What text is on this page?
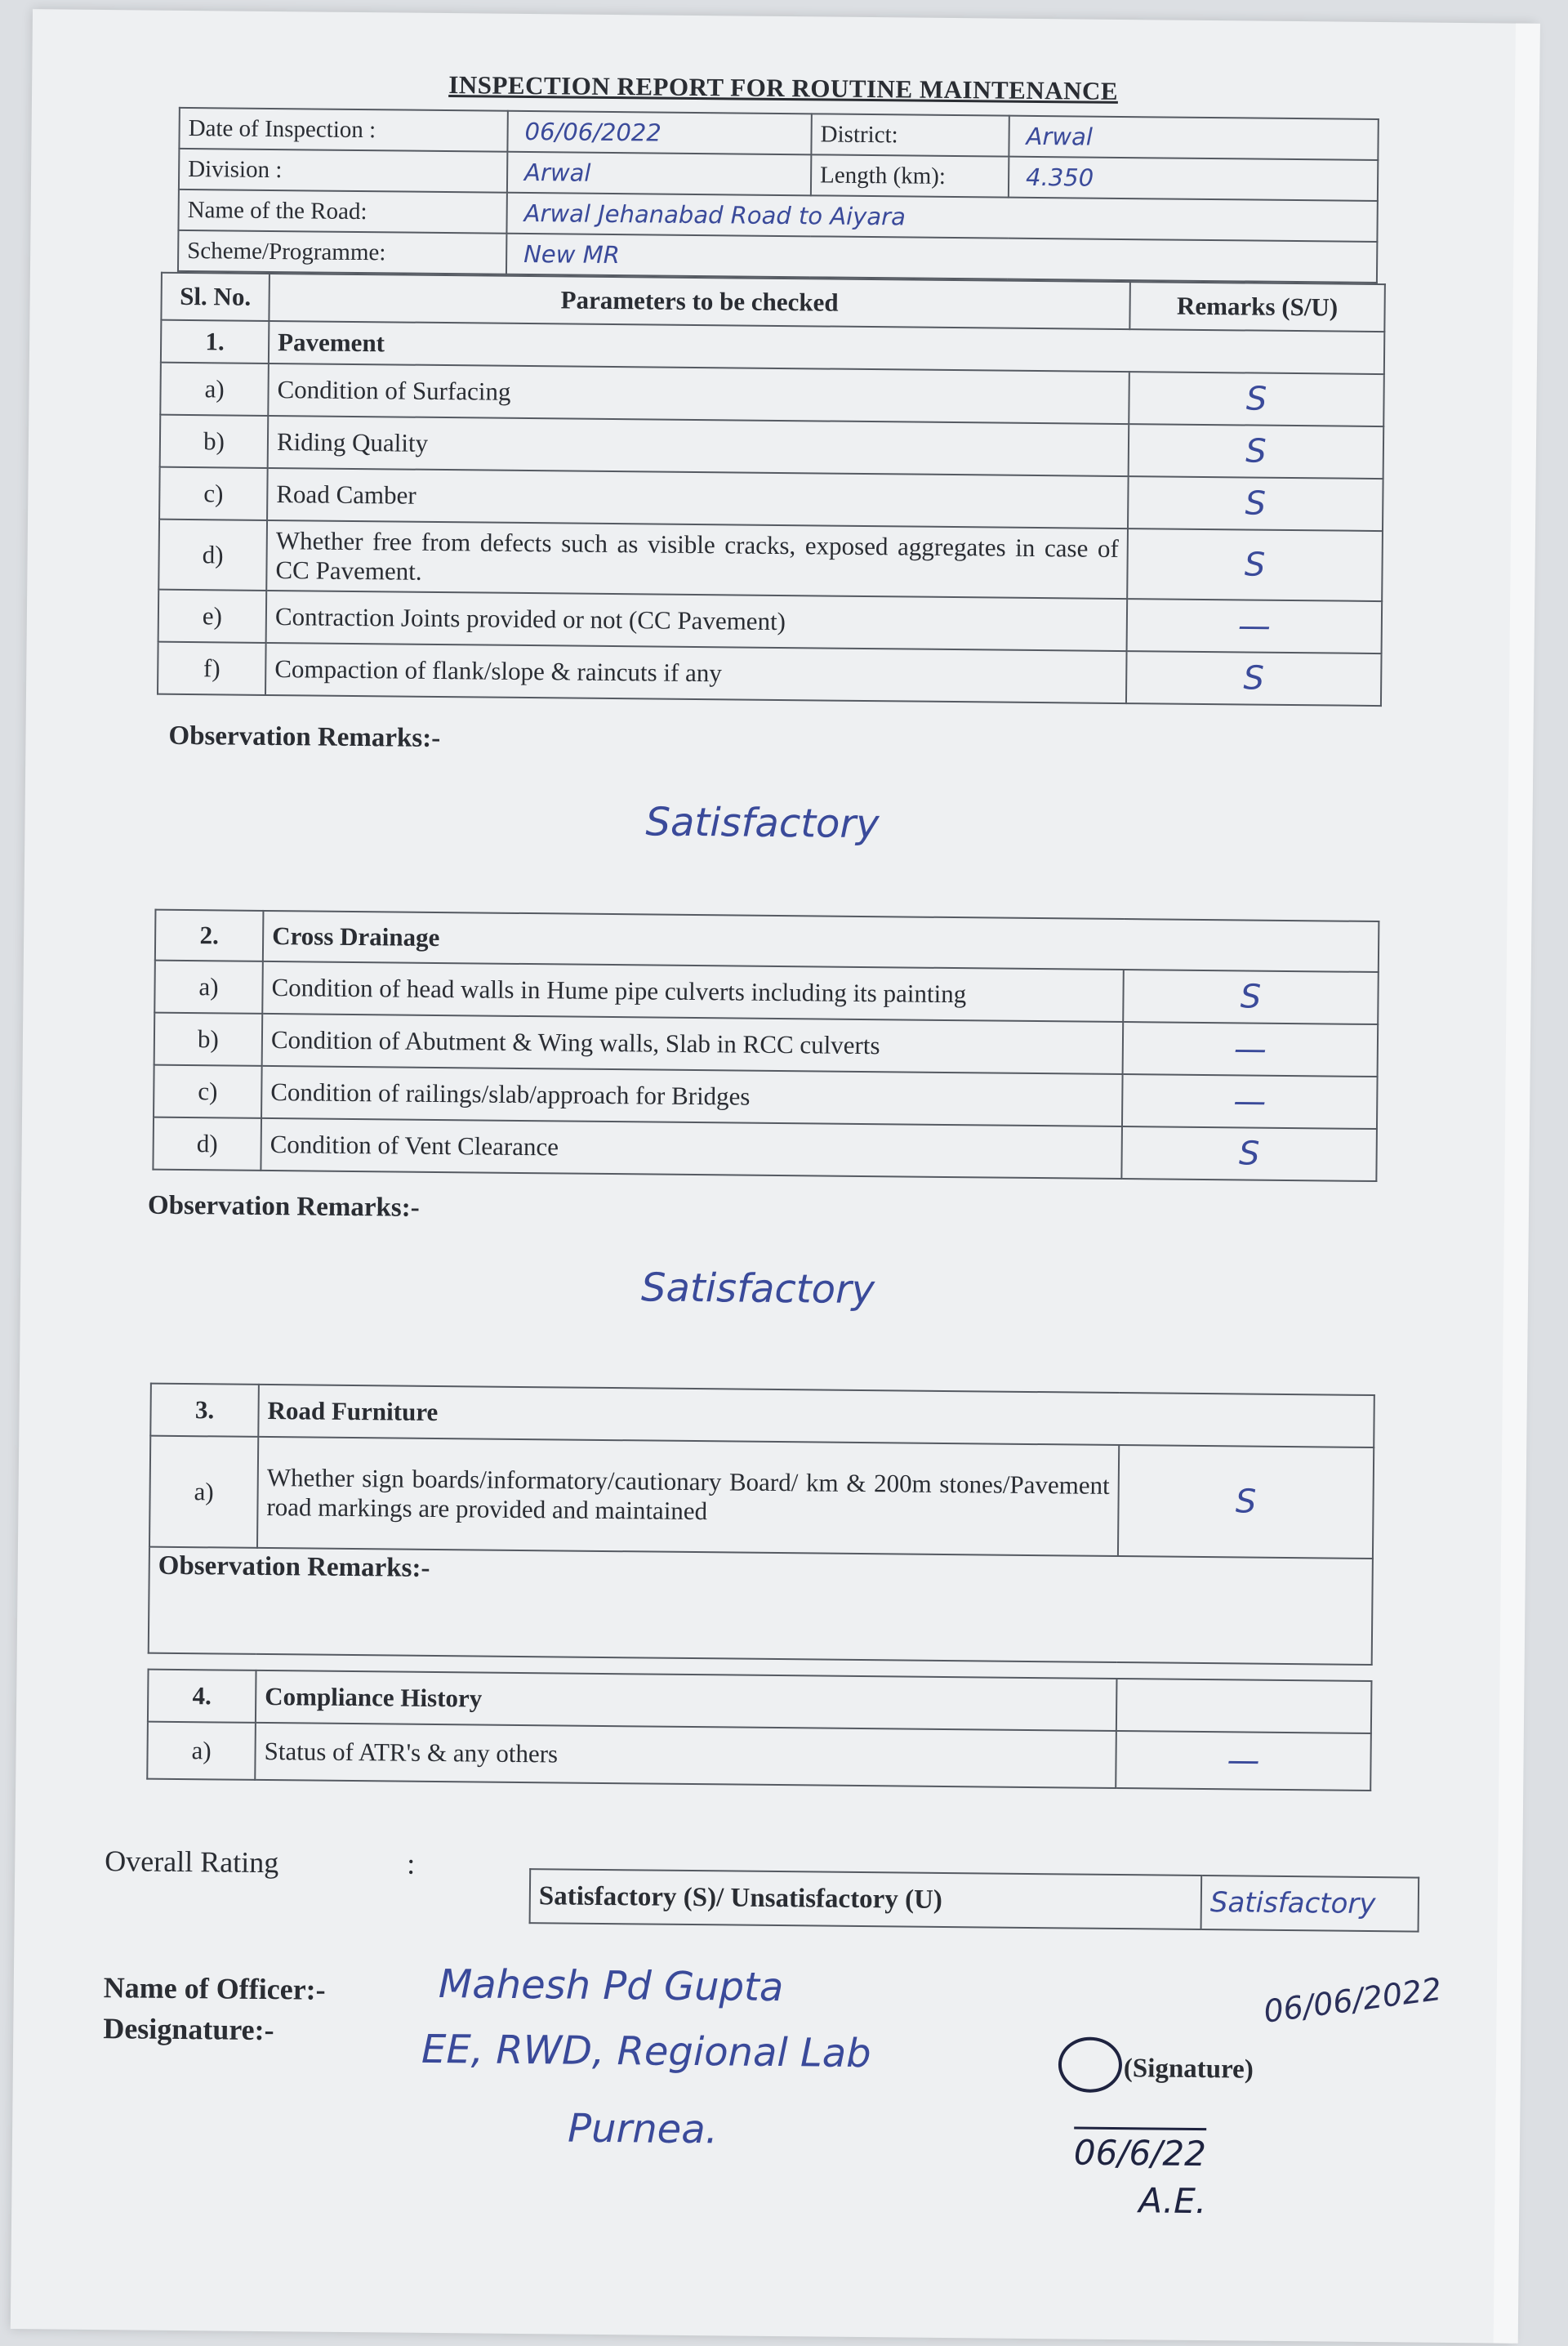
INSPECTION REPORT FOR ROUTINE MAINTENANCE
Date of Inspection :	06/06/2022	District:	Arwal
Division :	Arwal	Length (km):	4.350
Name of the Road:	Arwal Jehanabad Road to Aiyara		
Scheme/Programme:	New MR		
Sl. No.	Parameters to be checked	Remarks (S/U)
1.	Pavement	
a)	Condition of Surfacing	S
b)	Riding Quality	S
c)	Road Camber	S
d)	Whether free from defects such as visible cracks, exposed aggregates in case of CC Pavement.	S
e)	Contraction Joints provided or not (CC Pavement)	—
f)	Compaction of flank/slope & raincuts if any	S
Observation Remarks:-
Satisfactory
2.	Cross Drainage	
a)	Condition of head walls in Hume pipe culverts including its painting	S
b)	Condition of Abutment & Wing walls, Slab in RCC culverts	—
c)	Condition of railings/slab/approach for Bridges	—
d)	Condition of Vent Clearance	S
Observation Remarks:-
Satisfactory
3.	Road Furniture	
a)	Whether sign boards/informatory/cautionary Board/ km & 200m stones/Pavement road markings are provided and maintained	S
Observation Remarks:-		
4.	Compliance History	
a)	Status of ATR's & any others	—
Overall Rating	:
Satisfactory (S)/ Unsatisfactory (U)	Satisfactory
Name of Officer:-	Mahesh Pd Gupta
Designature:-	EE, RWD, Regional Lab
Purnea.
(Signature)
06/06/2022
06/6/22
A.E.
